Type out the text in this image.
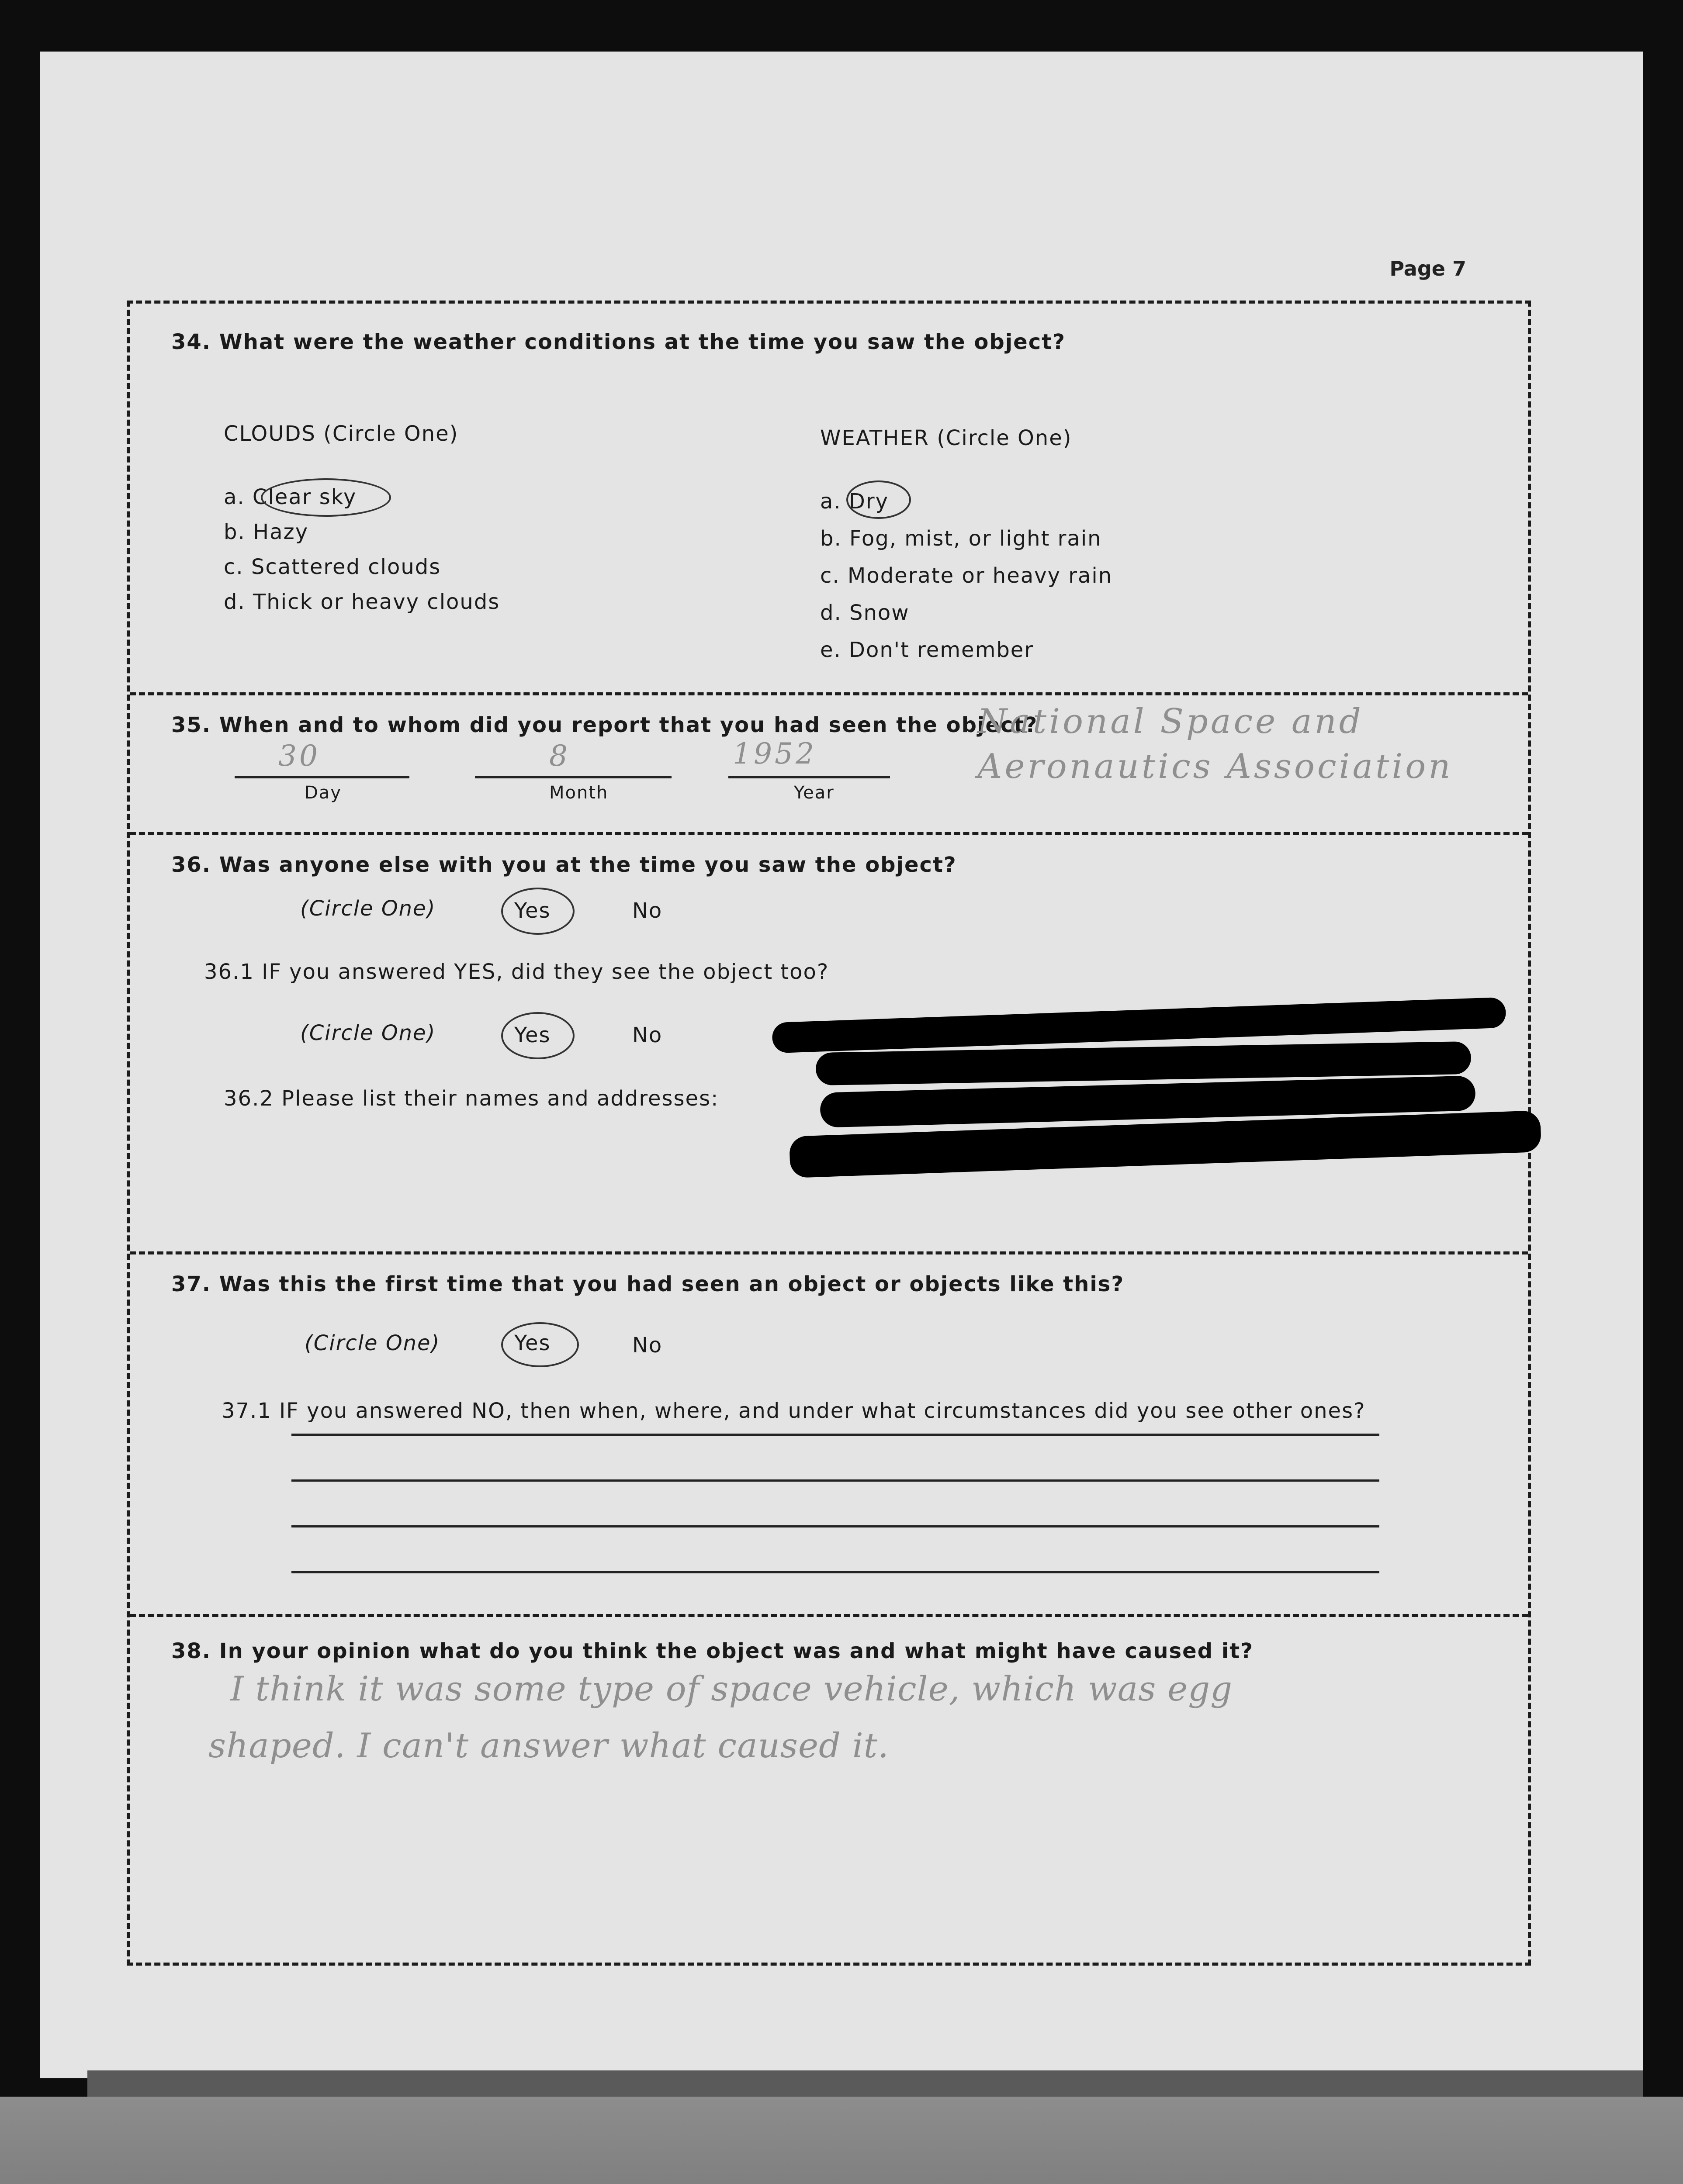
Page 7
34. What were the weather conditions at the time you saw the object?
CLOUDS (Circle One)
a. Clear sky
b. Hazy
c. Scattered clouds
d. Thick or heavy clouds
WEATHER (Circle One)
a. Dry
b. Fog, mist, or light rain
c. Moderate or heavy rain
d. Snow
e. Don't remember
35. When and to whom did you report that you had seen the object?
30	8	1952
Day	Month	Year
National Space and
Aeronautics Association
36. Was anyone else with you at the time you saw the object?
(Circle One)	Yes	No
36.1 IF you answered YES, did they see the object too?
(Circle One)	Yes	No
36.2 Please list their names and addresses:
37. Was this the first time that you had seen an object or objects like this?
(Circle One)	Yes	No
37.1 IF you answered NO, then when, where, and under what circumstances did you see other ones?
38. In your opinion what do you think the object was and what might have caused it?
I think it was some type of space vehicle, which was egg
shaped. I can't answer what caused it.
